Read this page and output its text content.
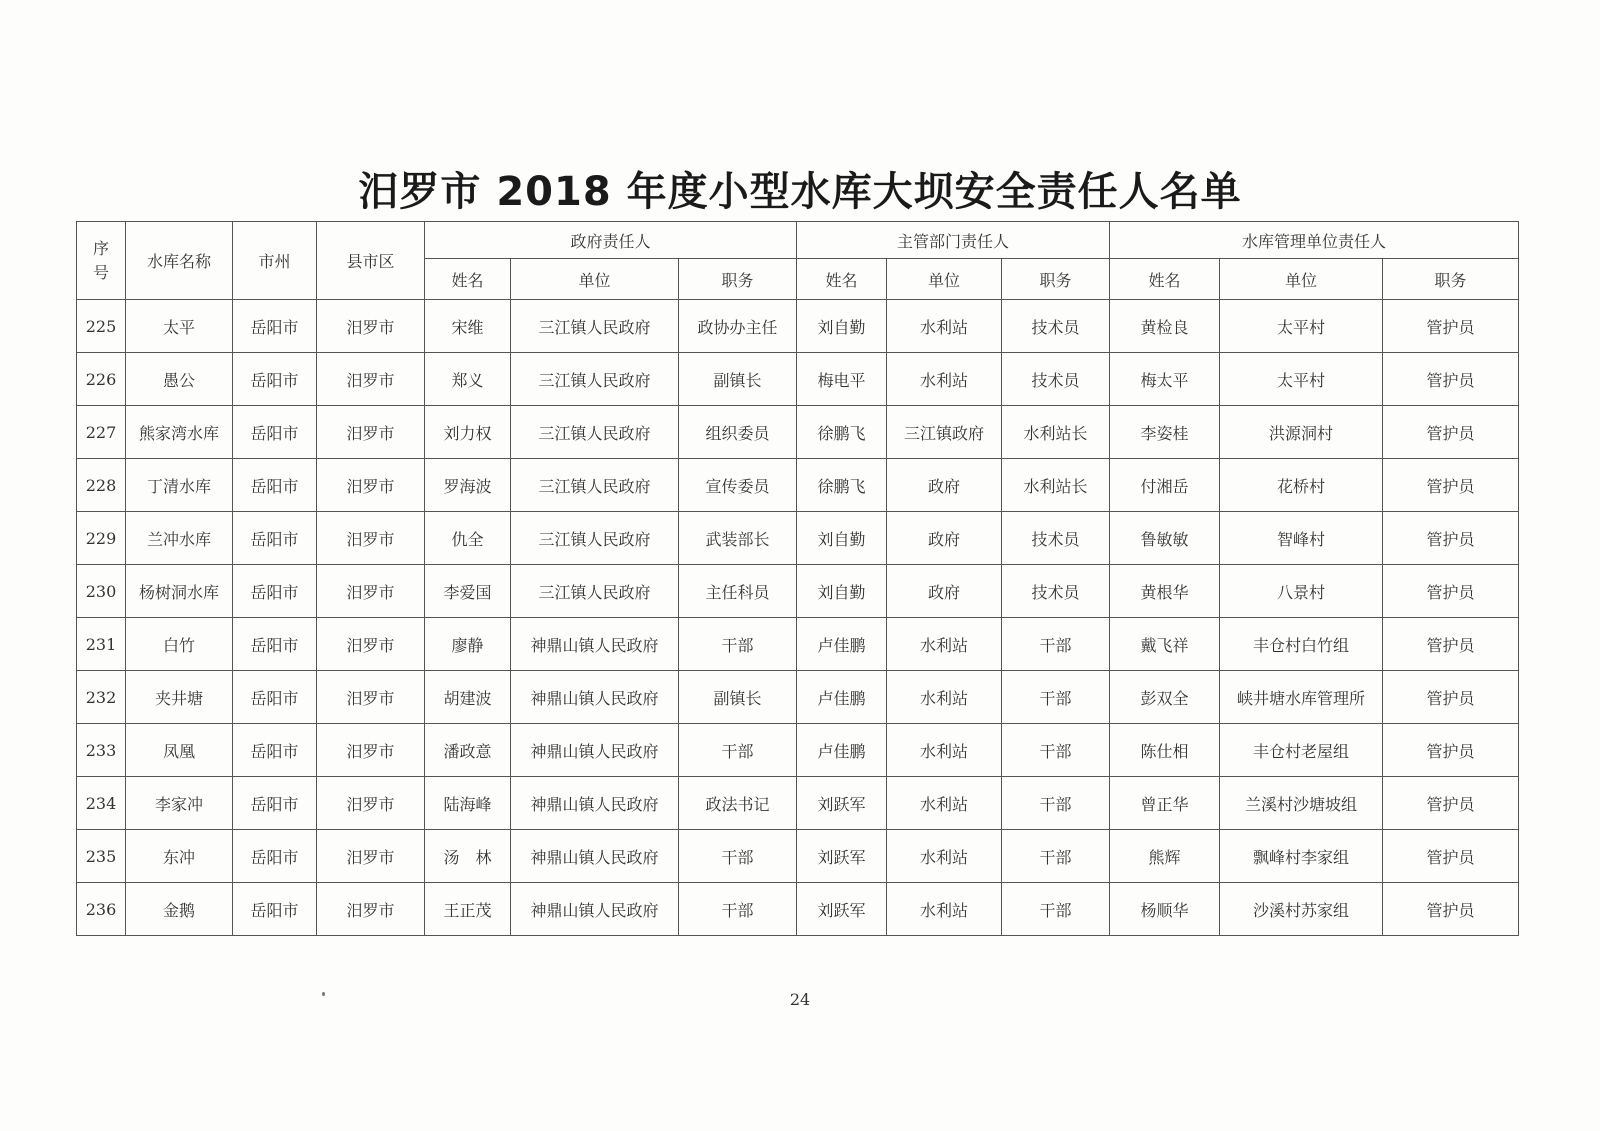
汨罗市 2018 年度小型水库大坝安全责任人名单
序
号	水库名称	市州	县市区	政府责任人			主管部门责任人			水库管理单位责任人		
				姓名	单位	职务	姓名	单位	职务	姓名	单位	职务
225	太平	岳阳市	汨罗市	宋维	三江镇人民政府	政协办主任	刘自勤	水利站	技术员	黄检良	太平村	管护员
226	愚公	岳阳市	汨罗市	郑义	三江镇人民政府	副镇长	梅电平	水利站	技术员	梅太平	太平村	管护员
227	熊家湾水库	岳阳市	汨罗市	刘力权	三江镇人民政府	组织委员	徐鹏飞	三江镇政府	水利站长	李姿桂	洪源洞村	管护员
228	丁清水库	岳阳市	汨罗市	罗海波	三江镇人民政府	宣传委员	徐鹏飞	政府	水利站长	付湘岳	花桥村	管护员
229	兰冲水库	岳阳市	汨罗市	仇全	三江镇人民政府	武装部长	刘自勤	政府	技术员	鲁敏敏	智峰村	管护员
230	杨树洞水库	岳阳市	汨罗市	李爱国	三江镇人民政府	主任科员	刘自勤	政府	技术员	黄根华	八景村	管护员
231	白竹	岳阳市	汨罗市	廖静	神鼎山镇人民政府	干部	卢佳鹏	水利站	干部	戴飞祥	丰仓村白竹组	管护员
232	夹井塘	岳阳市	汨罗市	胡建波	神鼎山镇人民政府	副镇长	卢佳鹏	水利站	干部	彭双全	峡井塘水库管理所	管护员
233	凤凰	岳阳市	汨罗市	潘政意	神鼎山镇人民政府	干部	卢佳鹏	水利站	干部	陈仕相	丰仓村老屋组	管护员
234	李家冲	岳阳市	汨罗市	陆海峰	神鼎山镇人民政府	政法书记	刘跃军	水利站	干部	曾正华	兰溪村沙塘坡组	管护员
235	东冲	岳阳市	汨罗市	汤　林	神鼎山镇人民政府	干部	刘跃军	水利站	干部	熊辉	飘峰村李家组	管护员
236	金鹅	岳阳市	汨罗市	王正茂	神鼎山镇人民政府	干部	刘跃军	水利站	干部	杨顺华	沙溪村苏家组	管护员
24
